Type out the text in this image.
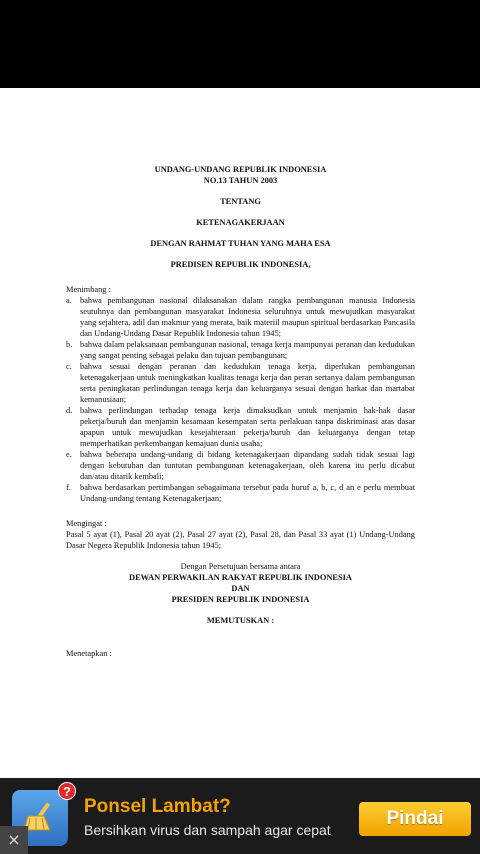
UNDANG-UNDANG REPUBLIK INDONESIA

NO.13 TAHUN 2003

TENTANG

KETENAGAKERJAAN

DENGAN RAHMAT TUHAN YANG MAHA ESA

PREDISEN REPUBLIK INDONESIA,

Menimbang :

a. bahwa pembangunan nasional dilaksanakan dalam rangka pembangunan manusia Indonesia seutuhnya dan pembangunan masyarakat Indonesia seluruhnya untuk mewujudkan masyarakat yang sejahtera, adil dan makmur yang merata, baik materiil maupun spiritual berdasarkan Pancasila dan Undang-Undang Dasar Republik Indonesia tahun 1945;
b. bahwa dalam pelaksanaan pembangunan nasional, tenaga kerja mampunyai peranan dan kedudukan yang sangat penting sebagai pelaku dan tujuan pembangunan;
c. bahwa sesuai dengan peranan dan kedudukan tenaga kerja, diperlukan pembangunan ketenagakerjaan untuk meningkatkan kualitas tenaga kerja dan peran sertanya dalam pembangunan serta peningkatan perlindungan tenaga kerja dan keluarganya sesuai dengan harkat dan martabat kemanusiaan;
d. bahwa perlindungan terhadap tenaga kerja dimaksudkan untuk menjamin hak-hak dasar pekerja/buruh dan menjamin kesamaan kesempatan serta perlakuan tanpa diskriminasi atas dasar apapun untuk mewujudkan kesejahteraan pekerja/buruh dan keluarganya dengan tetap memperhatikan perkembangan kemajuan dunia usaha;
e. bahwa beberapa undang-undang di bidang ketenagakerjaan dipandang sudah tidak sesuai lagi dengan kebutuhan dan tuntutan pembangunan ketenagakerjaan, oleh karena itu perlu dicabut dan/atau ditarik kembali;
f.	bahwa berdasarkan pertimbangan sebagaimana tersebut pada huruf a, b, c, d an e perlu membuat Undang-undang tentang Ketenagakerjaan;

Mengingat :

Pasal 5 ayat (1), Pasal 20 ayat (2), Pasal 27 ayat (2), Pasal 28, dan Pasal 33 ayat (1) Undang-Undang Dasar Negera Republik Indonesia tahun 1945;

Dengan Persetujuan bersama antara

DEWAN PERWAKILAN RAKYAT REPUBLIK INDONESIA

DAN

PRESIDEN REPUBLIK INDONESIA

MEMUTUSKAN :

Menetapkan :

?
Ponsel Lambat?
Bersihkan virus dan sampah agar cepat
Pindai
×
